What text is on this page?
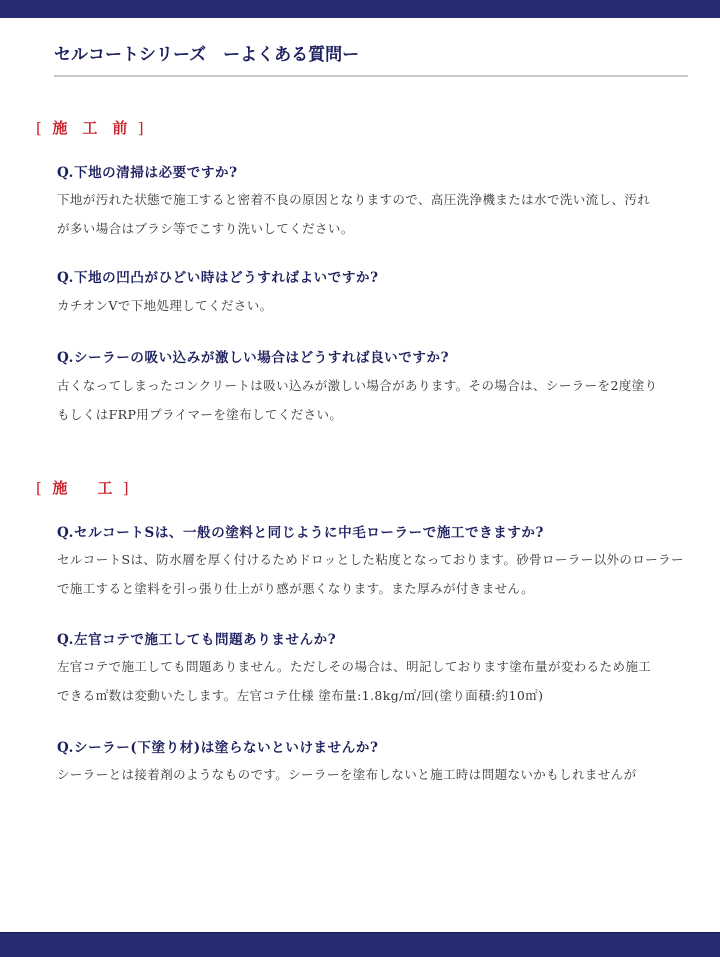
セルコートシリーズ　ーよくある質問ー
[ 施　工　前 ]
Q.下地の清掃は必要ですか?
下地が汚れた状態で施工すると密着不良の原因となりますので、高圧洗浄機または水で洗い流し、汚れ
が多い場合はブラシ等でこすり洗いしてください。
Q.下地の凹凸がひどい時はどうすればよいですか?
カチオンVで下地処理してください。
Q.シーラーの吸い込みが激しい場合はどうすれば良いですか?
古くなってしまったコンクリートは吸い込みが激しい場合があります。その場合は、シーラーを2度塗り
もしくはFRP用プライマーを塗布してください。
[ 施　　工 ]
Q.セルコートSは、一般の塗料と同じように中毛ローラーで施工できますか?
セルコートSは、防水層を厚く付けるためドロッとした粘度となっております。砂骨ローラー以外のローラー
で施工すると塗料を引っ張り仕上がり感が悪くなります。また厚みが付きません。
Q.左官コテで施工しても問題ありませんか?
左官コテで施工しても問題ありません。ただしその場合は、明記しております塗布量が変わるため施工
できる㎡数は変動いたします。左官コテ仕様 塗布量:1.8kg/㎡/回(塗り面積:約10㎡)
Q.シーラー(下塗り材)は塗らないといけませんか?
シーラーとは接着剤のようなものです。シーラーを塗布しないと施工時は問題ないかもしれませんが
